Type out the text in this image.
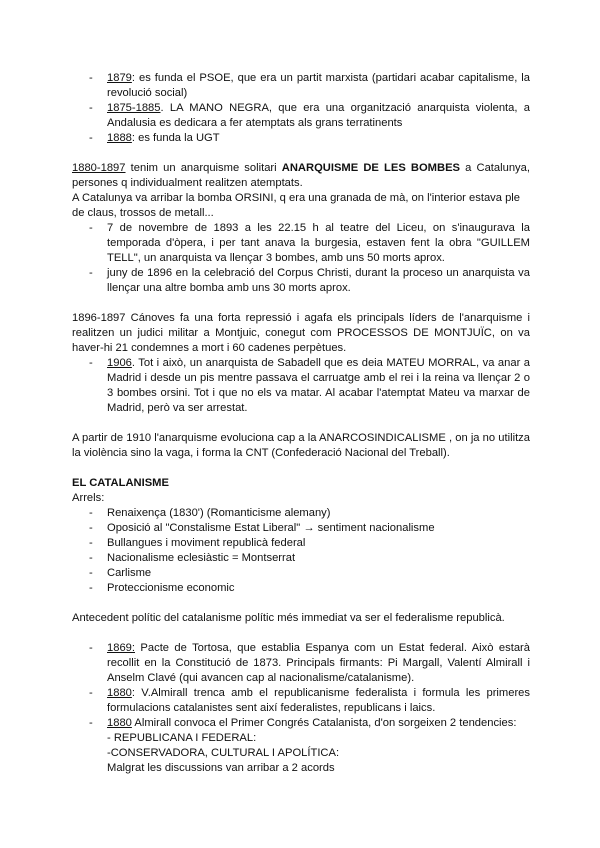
- 1879: es funda el PSOE, que era un partit marxista (partidari acabar capitalisme, la revolució social)
- 1875-1885. LA MANO NEGRA, que era una organització anarquista violenta, a Andalusia es dedicara a fer atemptats als grans terratinents
- 1888: es funda la UGT

1880-1897 tenim un anarquisme solitari ANARQUISME DE LES BOMBES a Catalunya, persones q individualment realitzen atemptats.

A Catalunya va arribar la bomba ORSINI, q era una granada de mà, on l'interior estava ple de claus, trossos de metall...

- 7 de novembre de 1893 a les 22.15 h al teatre del Liceu, on s'inaugurava la temporada d'òpera, i per tant anava la burgesia, estaven fent la obra "GUILLEM TELL", un anarquista va llençar 3 bombes, amb uns 50 morts aprox.
- juny de 1896 en la celebració del Corpus Christi, durant la proceso un anarquista va llençar una altre bomba amb uns 30 morts aprox.

1896-1897 Cánoves fa una forta repressió i agafa els principals líders de l'anarquisme i realitzen un judici militar a Montjuic, conegut com PROCESSOS DE MONTJUÏC, on va haver-hi 21 condemnes a mort i 60 cadenes perpètues.

- 1906. Tot i això, un anarquista de Sabadell que es deia MATEU MORRAL, va anar a Madrid i desde un pis mentre passava el carruatge amb el rei i la reina va llençar 2 o 3 bombes orsini. Tot i que no els va matar. Al acabar l'atemptat Mateu va marxar de Madrid, però va ser arrestat.

A partir de 1910 l'anarquisme evoluciona cap a la ANARCOSINDICALISME , on ja no utilitza la violència sino la vaga, i forma la CNT (Confederació Nacional del Treball).

EL CATALANISME

Arrels:

- Renaixença (1830') (Romanticisme alemany)
- Oposició al "Constalisme Estat Liberal" → sentiment nacionalisme
- Bullangues i moviment republicà federal
- Nacionalisme eclesiàstic = Montserrat
- Carlisme
- Proteccionisme economic

Antecedent polític del catalanisme polític més immediat va ser el federalisme republicà.

- 1869: Pacte de Tortosa, que establia Espanya com un Estat federal. Això estarà recollit en la Constitució de 1873. Principals firmants: Pi Margall, Valentí Almirall i Anselm Clavé (qui avancen cap al nacionalisme/catalanisme).
- 1880: V.Almirall trenca amb el republicanisme federalista i formula les primeres formulacions catalanistes sent així federalistes, republicans i laics.
- 1880 Almirall convoca el Primer Congrés Catalanista, d'on sorgeixen 2 tendencies:
- REPUBLICANA I FEDERAL:
-CONSERVADORA, CULTURAL I APOLÍTICA:
Malgrat les discussions van arribar a 2 acords
